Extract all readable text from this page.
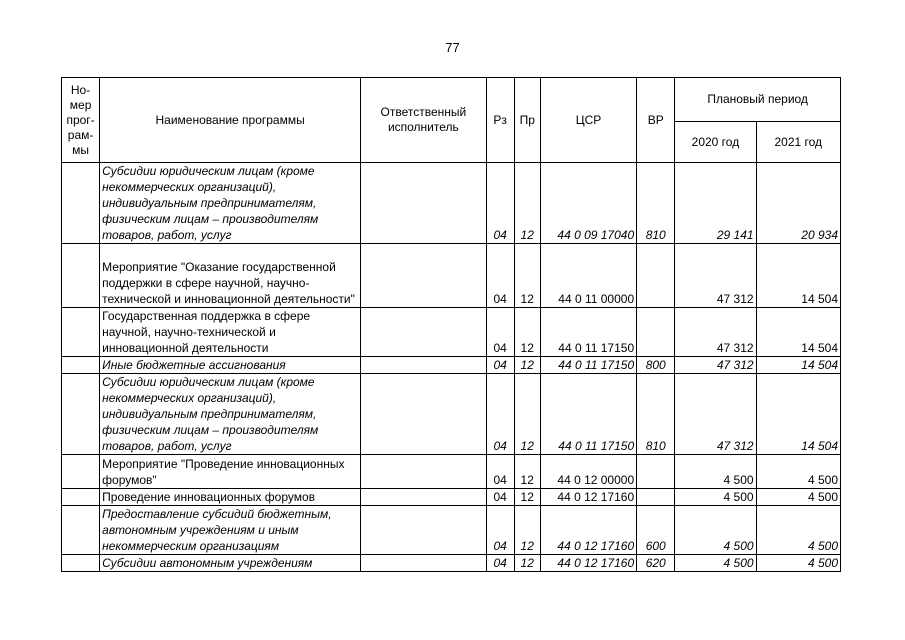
77
Но-
мер
прог-
рам-
мы	Наименование программы	Ответственный исполнитель	Рз	Пр	ЦСР	ВР	Плановый период	
							2020 год	2021 год
	Субсидии юридическим лицам (кроме некоммерческих организаций), индивидуальным предпринимателям, физическим лицам – производителям товаров, работ, услуг		04	12	44 0 09 17040	810	29 141	20 934
	Мероприятие "Оказание государственной поддержки в сфере научной, научно-технической и инновационной деятельности"		04	12	44 0 11 00000		47 312	14 504
	Государственная поддержка в сфере научной, научно-технической и инновационной деятельности		04	12	44 0 11 17150		47 312	14 504
	Иные бюджетные ассигнования		04	12	44 0 11 17150	800	47 312	14 504
	Субсидии юридическим лицам (кроме некоммерческих организаций), индивидуальным предпринимателям, физическим лицам – производителям товаров, работ, услуг		04	12	44 0 11 17150	810	47 312	14 504
	Мероприятие "Проведение инновационных форумов"		04	12	44 0 12 00000		4 500	4 500
	Проведение инновационных форумов		04	12	44 0 12 17160		4 500	4 500
	Предоставление субсидий бюджетным, автономным учреждениям и иным некоммерческим организациям		04	12	44 0 12 17160	600	4 500	4 500
	Субсидии автономным учреждениям		04	12	44 0 12 17160	620	4 500	4 500
